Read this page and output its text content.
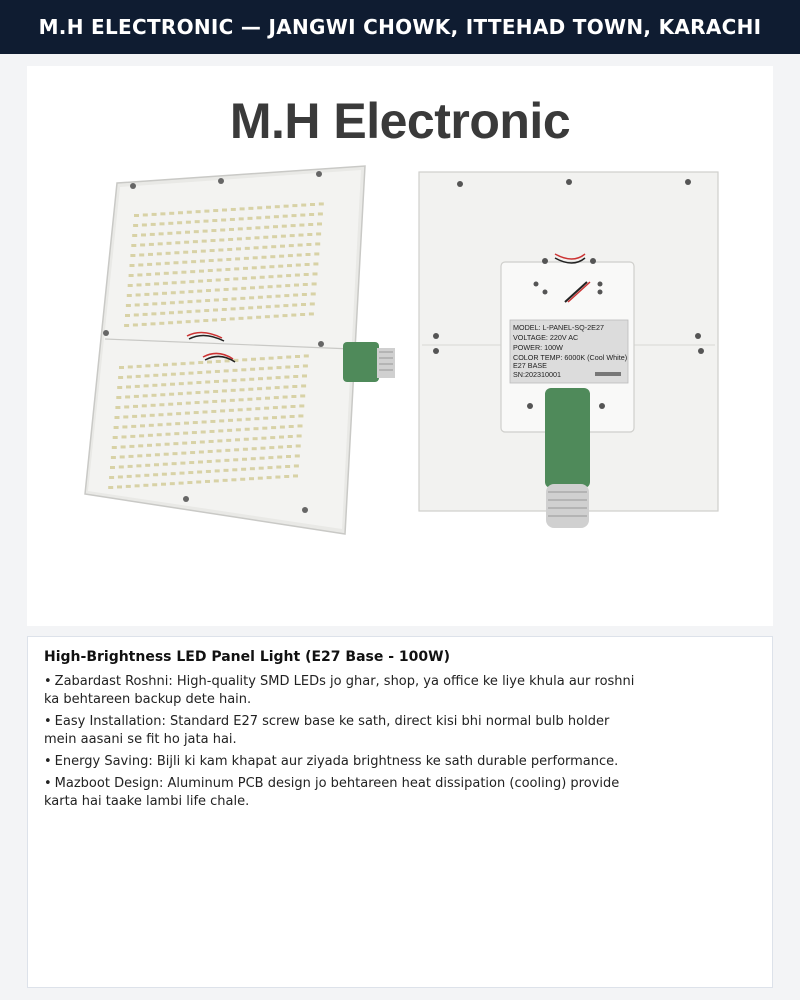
M.H ELECTRONIC — JANGWI CHOWK, ITTEHAD TOWN, KARACHI
M.H Electronic
MODEL: L-PANEL-SQ-2E27
VOLTAGE: 220V AC
POWER: 100W
COLOR TEMP: 6000K (Cool White)
E27 BASE
SN:202310001
High-Brightness LED Panel Light (E27 Base - 100W)
• Zabardast Roshni: High-quality SMD LEDs jo ghar, shop, ya office ke liye khula aur roshni ka behtareen backup dete hain.
• Easy Installation: Standard E27 screw base ke sath, direct kisi bhi normal bulb holder mein aasani se fit ho jata hai.
• Energy Saving: Bijli ki kam khapat aur ziyada brightness ke sath durable performance.
• Mazboot Design: Aluminum PCB design jo behtareen heat dissipation (cooling) provide karta hai taake lambi life chale.
